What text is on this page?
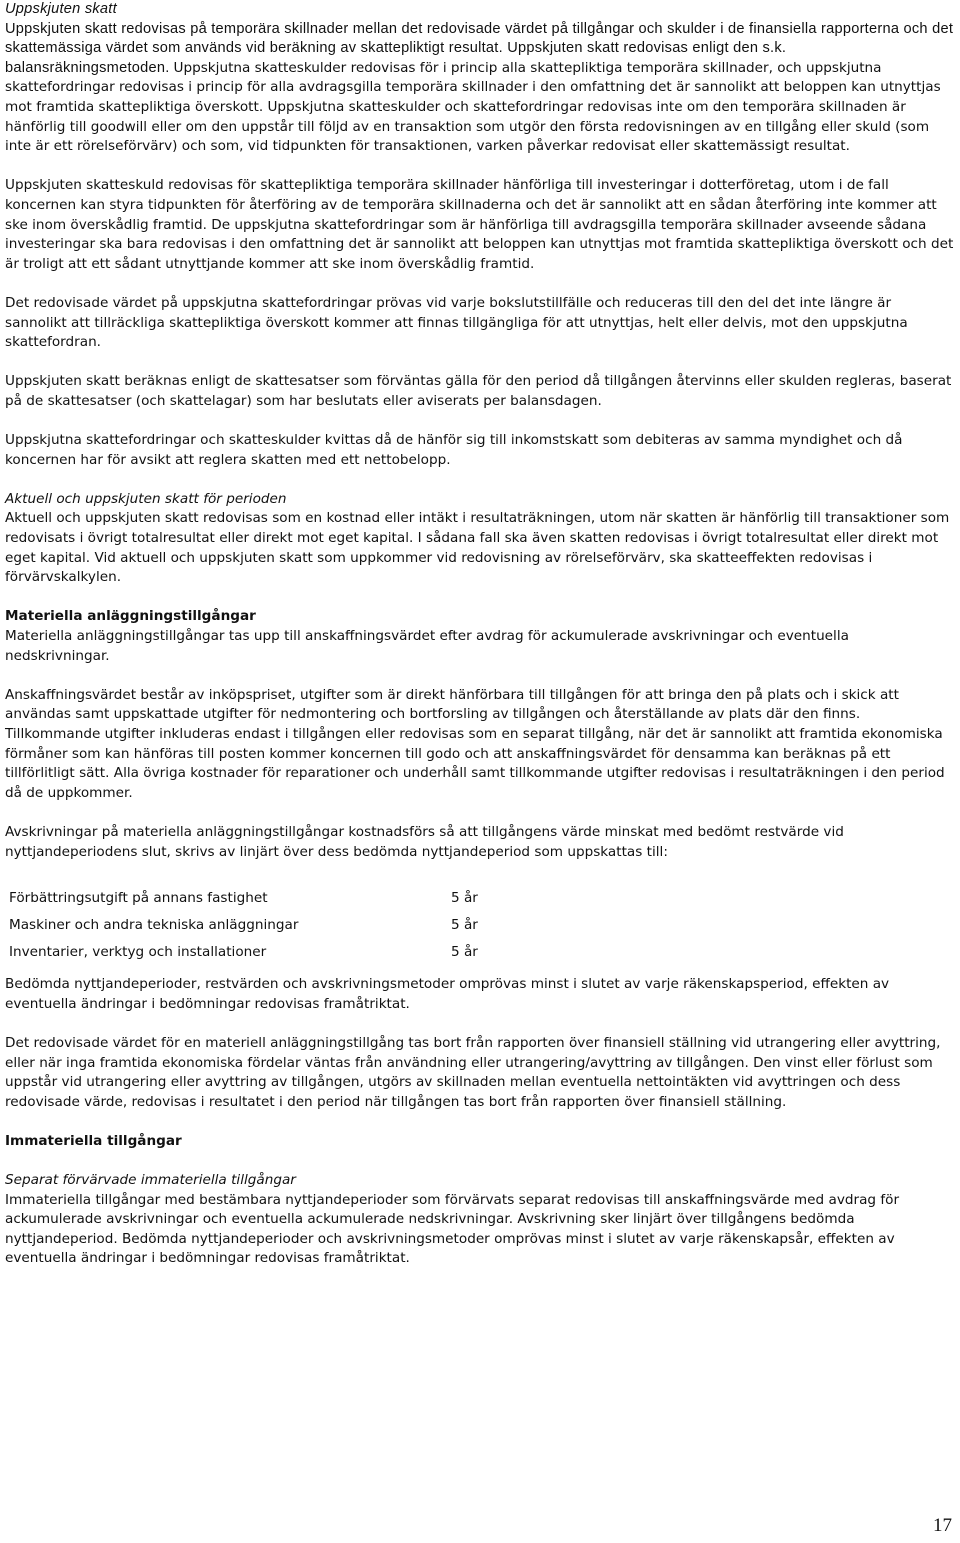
Uppskjuten skatt

Uppskjuten skatt redovisas på temporära skillnader mellan det redovisade värdet på tillgångar och skulder i de finansiella rapporterna och det skattemässiga värdet som används vid beräkning av skattepliktigt resultat. Uppskjuten skatt redovisas enligt den s.k. balansräkningsmetoden. Uppskjutna skatteskulder redovisas för i princip alla skattepliktiga temporära skillnader, och uppskjutna skattefordringar redovisas i princip för alla avdragsgilla temporära skillnader i den omfattning det är sannolikt att beloppen kan utnyttjas mot framtida skattepliktiga överskott. Uppskjutna skatteskulder och skattefordringar redovisas inte om den temporära skillnaden är hänförlig till goodwill eller om den uppstår till följd av en transaktion som utgör den första redovisningen av en tillgång eller skuld (som inte är ett rörelseförvärv) och som, vid tidpunkten för transaktionen, varken påverkar redovisat eller skattemässigt resultat.

Uppskjuten skatteskuld redovisas för skattepliktiga temporära skillnader hänförliga till investeringar i dotterföretag, utom i de fall koncernen kan styra tidpunkten för återföring av de temporära skillnaderna och det är sannolikt att en sådan återföring inte kommer att ske inom överskådlig framtid. De uppskjutna skattefordringar som är hänförliga till avdragsgilla temporära skillnader avseende sådana investeringar ska bara redovisas i den omfattning det är sannolikt att beloppen kan utnyttjas mot framtida skattepliktiga överskott och det är troligt att ett sådant utnyttjande kommer att ske inom överskådlig framtid.

Det redovisade värdet på uppskjutna skattefordringar prövas vid varje bokslutstillfälle och reduceras till den del det inte längre är sannolikt att tillräckliga skattepliktiga överskott kommer att finnas tillgängliga för att utnyttjas, helt eller delvis, mot den uppskjutna skattefordran.

Uppskjuten skatt beräknas enligt de skattesatser som förväntas gälla för den period då tillgången återvinns eller skulden regleras, baserat på de skattesatser (och skattelagar) som har beslutats eller aviserats per balansdagen.

Uppskjutna skattefordringar och skatteskulder kvittas då de hänför sig till inkomstskatt som debiteras av samma myndighet och då koncernen har för avsikt att reglera skatten med ett nettobelopp.

Aktuell och uppskjuten skatt för perioden

Aktuell och uppskjuten skatt redovisas som en kostnad eller intäkt i resultaträkningen, utom när skatten är hänförlig till transaktioner som redovisats i övrigt totalresultat eller direkt mot eget kapital. I sådana fall ska även skatten redovisas i övrigt totalresultat eller direkt mot eget kapital. Vid aktuell och uppskjuten skatt som uppkommer vid redovisning av rörelseförvärv, ska skatteeffekten redovisas i förvärvskalkylen.

Materiella anläggningstillgångar

Materiella anläggningstillgångar tas upp till anskaffningsvärdet efter avdrag för ackumulerade avskrivningar och eventuella nedskrivningar.

Anskaffningsvärdet består av inköpspriset, utgifter som är direkt hänförbara till tillgången för att bringa den på plats och i skick att användas samt uppskattade utgifter för nedmontering och bortforsling av tillgången och återställande av plats där den finns. Tillkommande utgifter inkluderas endast i tillgången eller redovisas som en separat tillgång, när det är sannolikt att framtida ekonomiska förmåner som kan hänföras till posten kommer koncernen till godo och att anskaffningsvärdet för densamma kan beräknas på ett tillförlitligt sätt. Alla övriga kostnader för reparationer och underhåll samt tillkommande utgifter redovisas i resultaträkningen i den period då de uppkommer.

Avskrivningar på materiella anläggningstillgångar kostnadsförs så att tillgångens värde minskat med bedömt restvärde vid nyttjandeperiodens slut, skrivs av linjärt över dess bedömda nyttjandeperiod som uppskattas till:

Förbättringsutgift på annans fastighet	5 år
Maskiner och andra tekniska anläggningar	5 år
Inventarier, verktyg och installationer	5 år

Bedömda nyttjandeperioder, restvärden och avskrivningsmetoder omprövas minst i slutet av varje räkenskapsperiod, effekten av eventuella ändringar i bedömningar redovisas framåtriktat.

Det redovisade värdet för en materiell anläggningstillgång tas bort från rapporten över finansiell ställning vid utrangering eller avyttring, eller när inga framtida ekonomiska fördelar väntas från användning eller utrangering/avyttring av tillgången. Den vinst eller förlust som uppstår vid utrangering eller avyttring av tillgången, utgörs av skillnaden mellan eventuella nettointäkten vid avyttringen och dess redovisade värde, redovisas i resultatet i den period när tillgången tas bort från rapporten över finansiell ställning.

Immateriella tillgångar

Separat förvärvade immateriella tillgångar

Immateriella tillgångar med bestämbara nyttjandeperioder som förvärvats separat redovisas till anskaffningsvärde med avdrag för ackumulerade avskrivningar och eventuella ackumulerade nedskrivningar. Avskrivning sker linjärt över tillgångens bedömda nyttjandeperiod. Bedömda nyttjandeperioder och avskrivningsmetoder omprövas minst i slutet av varje räkenskapsår, effekten av eventuella ändringar i bedömningar redovisas framåtriktat.

17
